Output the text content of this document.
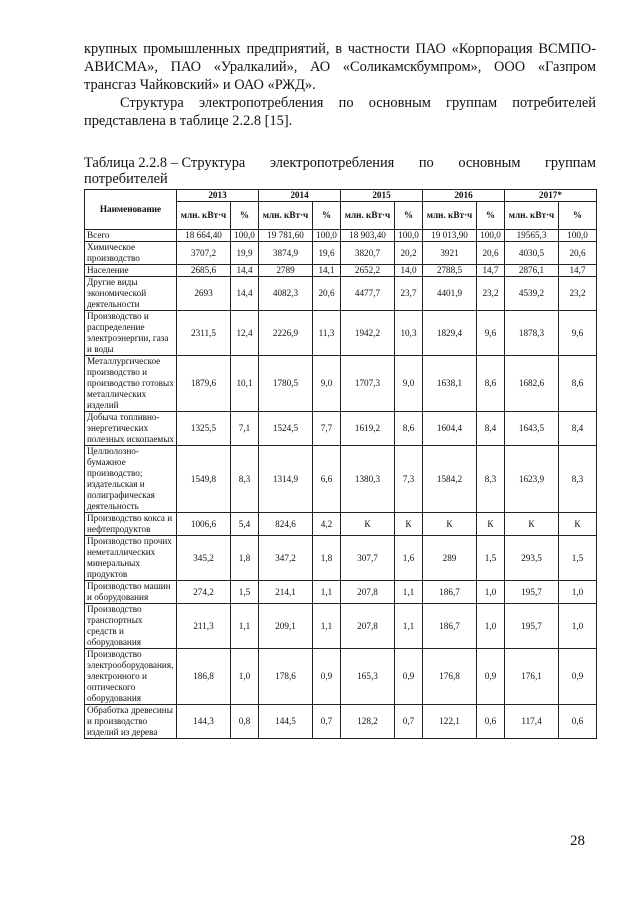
крупных промышленных предприятий, в частности ПАО «Корпорация ВСМПО-АВИСМА», ПАО «Уралкалий», АО «Соликамскбумпром», ООО «Газпром трансгаз Чайковский» и ОАО «РЖД».

Структура электропотребления по основным группам потребителей представлена в таблице 2.2.8 [15].

Таблица 2.2.8 – Структура электропотребления по основным группам
потребителей
Наименование	2013		2014		2015		2016		2017*	
	млн. кВт·ч	%	млн. кВт·ч	%	млн. кВт·ч	%	млн. кВт·ч	%	млн. кВт·ч	%
Всего	18 664,40	100,0	19 781,60	100,0	18 903,40	100,0	19 013,90	100,0	19565,3	100,0
Химическое производство	3707,2	19,9	3874,9	19,6	3820,7	20,2	3921	20,6	4030,5	20,6
Население	2685,6	14,4	2789	14,1	2652,2	14,0	2788,5	14,7	2876,1	14,7
Другие виды экономической деятельности	2693	14,4	4082,3	20,6	4477,7	23,7	4401,9	23,2	4539,2	23,2
Производство и распределение электроэнергии, газа и воды	2311,5	12,4	2226,9	11,3	1942,2	10,3	1829,4	9,6	1878,3	9,6
Металлургическое производство и производство готовых металлических изделий	1879,6	10,1	1780,5	9,0	1707,3	9,0	1638,1	8,6	1682,6	8,6
Добыча топливно-энергетических полезных ископаемых	1325,5	7,1	1524,5	7,7	1619,2	8,6	1604,4	8,4	1643,5	8,4
Целлюлозно-бумажное производство; издательская и полиграфическая деятельность	1549,8	8,3	1314,9	6,6	1380,3	7,3	1584,2	8,3	1623,9	8,3
Производство кокса и нефтепродуктов	1006,6	5,4	824,6	4,2	К	К	К	К	К	К
Производство прочих неметаллических минеральных продуктов	345,2	1,8	347,2	1,8	307,7	1,6	289	1,5	293,5	1,5
Производство машин и оборудования	274,2	1,5	214,1	1,1	207,8	1,1	186,7	1,0	195,7	1,0
Производство транспортных средств и оборудования	211,3	1,1	209,1	1,1	207,8	1,1	186,7	1,0	195,7	1,0
Производство электрооборудования, электронного и оптического оборудования	186,8	1,0	178,6	0,9	165,3	0,9	176,8	0,9	176,1	0,9
Обработка древесины и производство изделий из дерева	144,3	0,8	144,5	0,7	128,2	0,7	122,1	0,6	117,4	0,6
28
